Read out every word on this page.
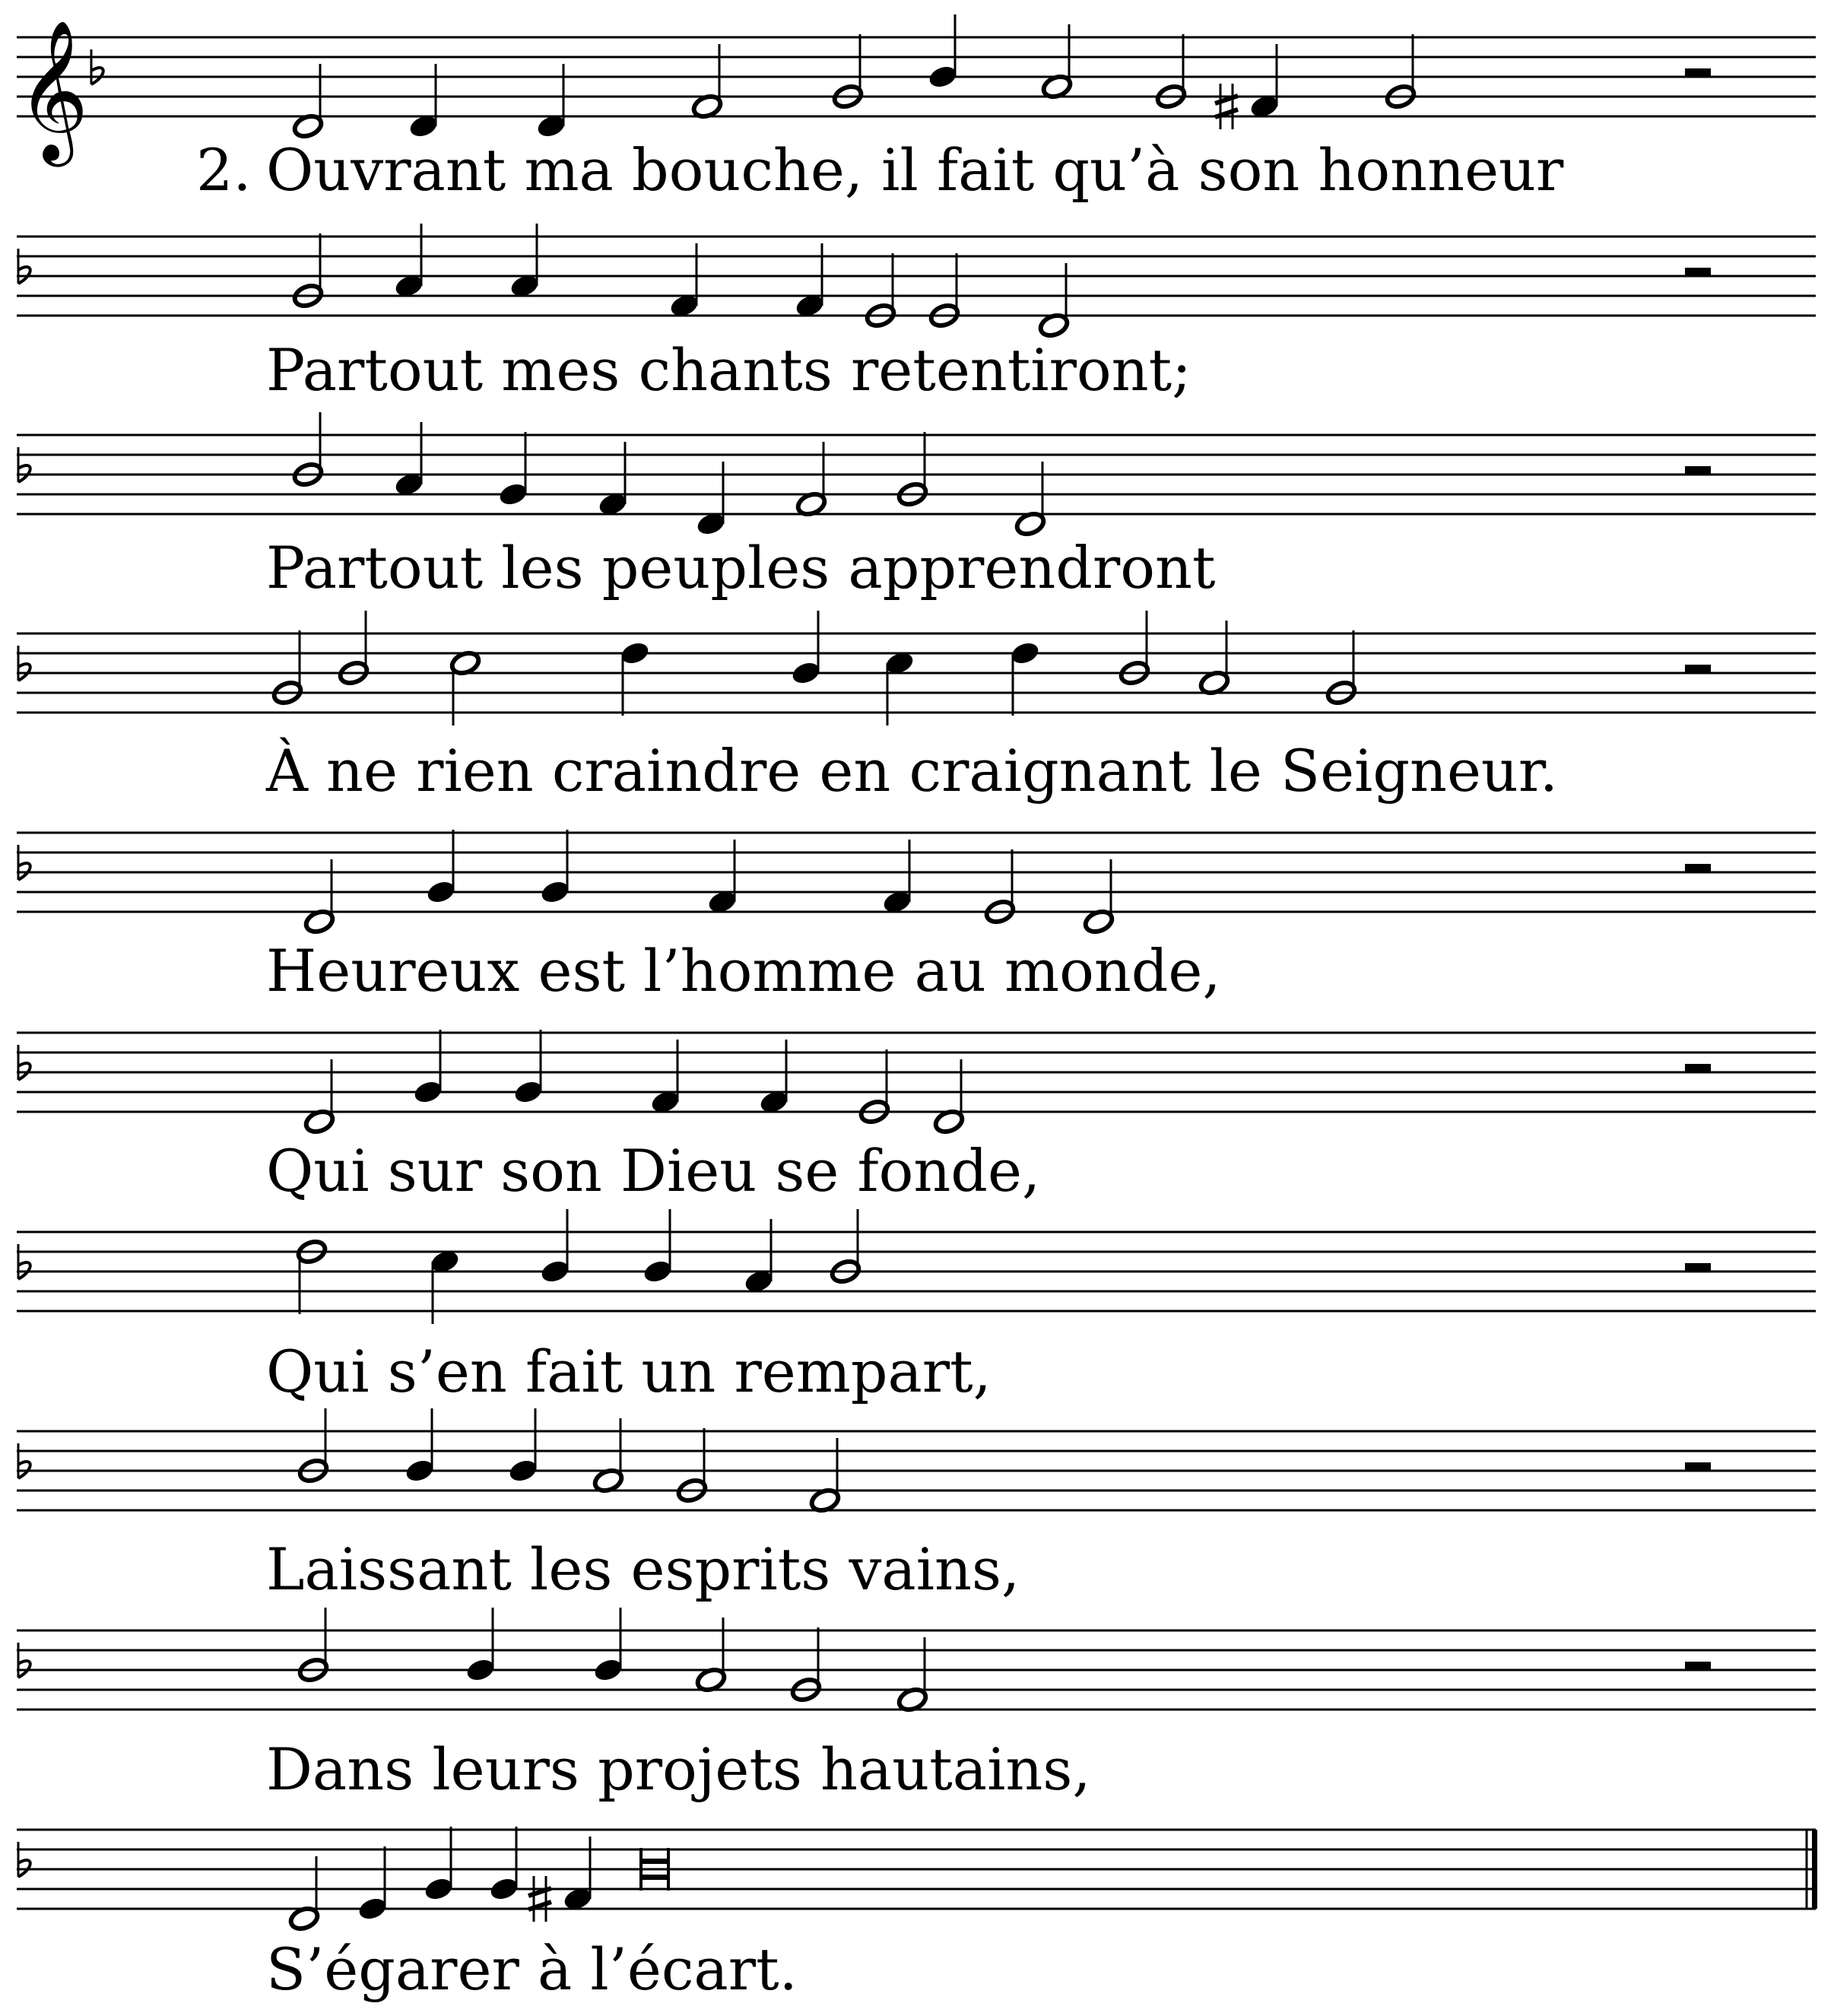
𝄞
2. Ouvrant ma bouche, il fait qu’à son honneur
Partout mes chants retentiront;
Partout les peuples apprendront
À ne rien craindre en craignant le Seigneur.
Heureux est l’homme au monde,
Qui sur son Dieu se fonde,
Qui s’en fait un rempart,
Laissant les esprits vains,
Dans leurs projets hautains,
S’égarer à l’écart.
